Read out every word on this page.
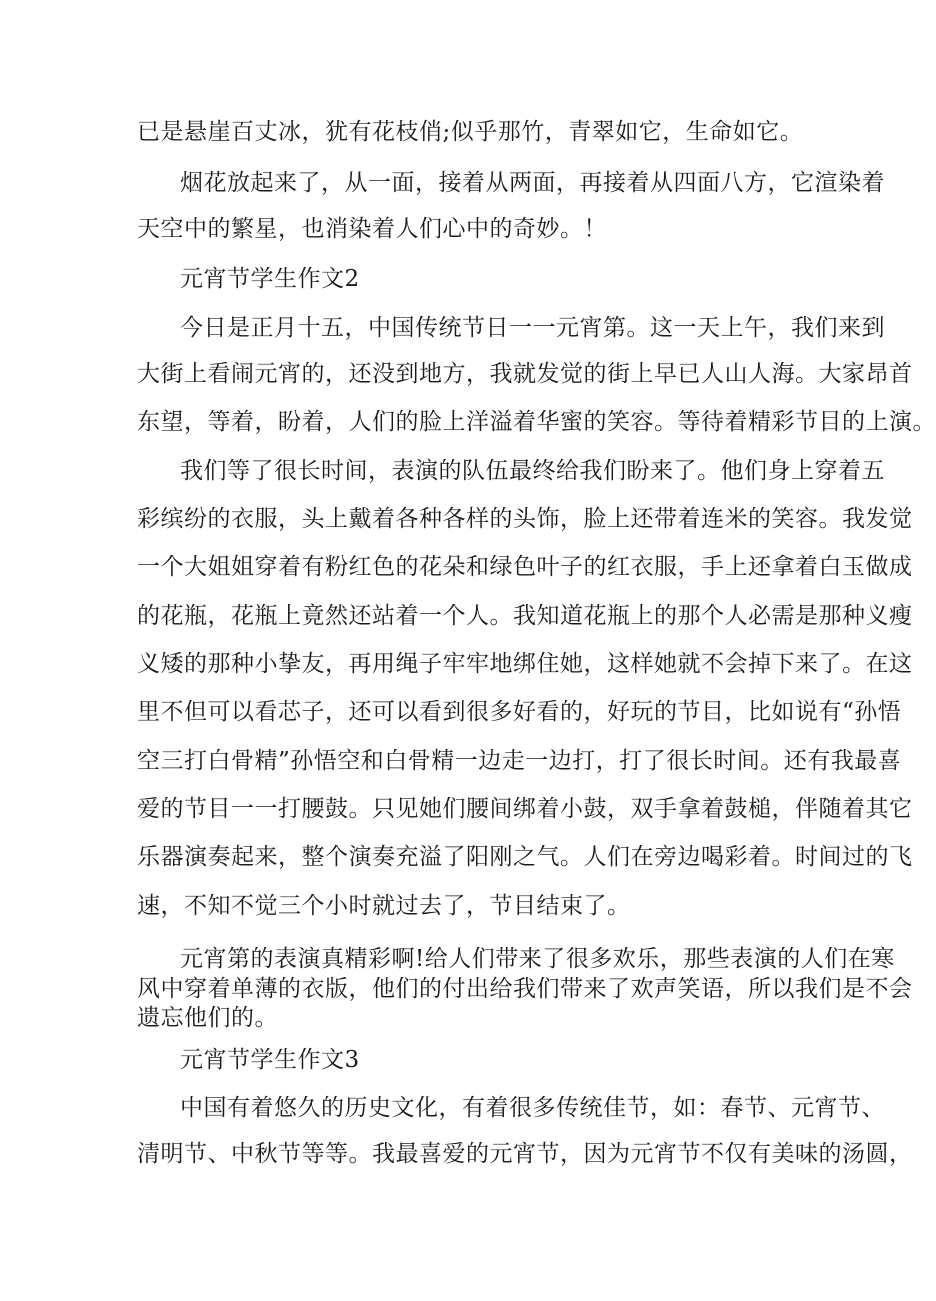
已是悬崖百丈冰，犹有花枝俏;似乎那竹，青翠如它，生命如它。
烟花放起来了，从一面，接着从两面，再接着从四面八方，它渲染着
天空中的繁星，也消染着人们心中的奇妙。！
元宵节学生作文2
今日是正月十五，中国传统节日一一元宵第。这一天上午，我们来到
大街上看闹元宵的，还没到地方，我就发觉的街上早已人山人海。大家昂首
东望，等着，盼着，人们的脸上洋溢着华蜜的笑容。等待着精彩节目的上演。
我们等了很长时间，表演的队伍最终给我们盼来了。他们身上穿着五
彩缤纷的衣服，头上戴着各种各样的头饰，脸上还带着连米的笑容。我发觉
一个大姐姐穿着有粉红色的花朵和绿色叶子的红衣服，手上还拿着白玉做成
的花瓶，花瓶上竟然还站着一个人。我知道花瓶上的那个人必需是那种义瘦
义矮的那种小挚友，再用绳子牢牢地绑住她，这样她就不会掉下来了。在这
里不但可以看芯子，还可以看到很多好看的，好玩的节目，比如说有“孙悟
空三打白骨精”孙悟空和白骨精一边走一边打，打了很长时间。还有我最喜
爱的节目一一打腰鼓。只见她们腰间绑着小鼓，双手拿着鼓槌，伴随着其它
乐器演奏起来，整个演奏充溢了阳刚之气。人们在旁边喝彩着。时间过的飞
速，不知不觉三个小时就过去了，节目结束了。
元宵第的表演真精彩啊!给人们带来了很多欢乐，那些表演的人们在寒
风中穿着单薄的衣版，他们的付出给我们带来了欢声笑语，所以我们是不会
遗忘他们的。
元宵节学生作文3
中国有着悠久的历史文化，有着很多传统佳节，如：春节、元宵节、
清明节、中秋节等等。我最喜爱的元宵节，因为元宵节不仅有美味的汤圆，
